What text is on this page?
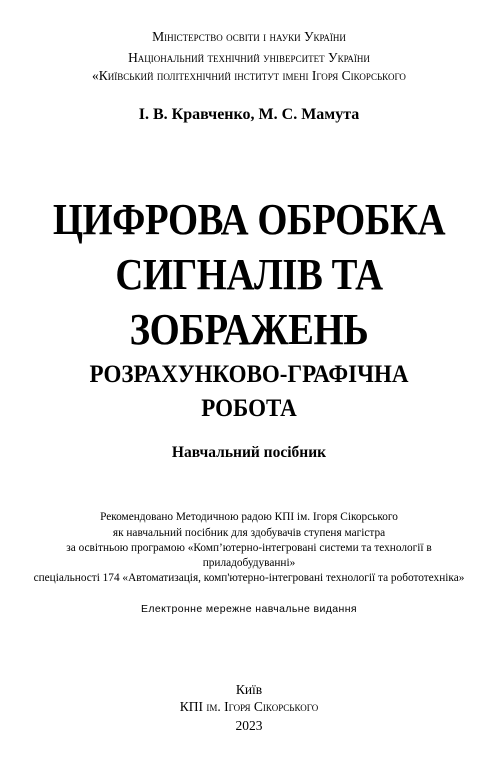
Міністерство освіти і науки України
Національний технічний університет України
«Київський політехнічний інститут імені Ігоря Сікорського
І. В. Кравченко, М. С. Мамута
ЦИФРОВА ОБРОБКА
СИГНАЛІВ ТА
ЗОБРАЖЕНЬ
РОЗРАХУНКОВО-ГРАФІЧНА
РОБОТА
Навчальний посібник
Рекомендовано Методичною радою КПІ ім. Ігоря Сікорського
як навчальний посібник для здобувачів ступеня магістра
за освітньою програмою «Комп’ютерно-інтегровані системи та технології в
приладобудуванні»
спеціальності 174 «Автоматизація, комп'ютерно-інтегровані технології та робототехніка»
Електронне мережне навчальне видання
Київ
КПІ ім. Ігоря Сікорського
2023
